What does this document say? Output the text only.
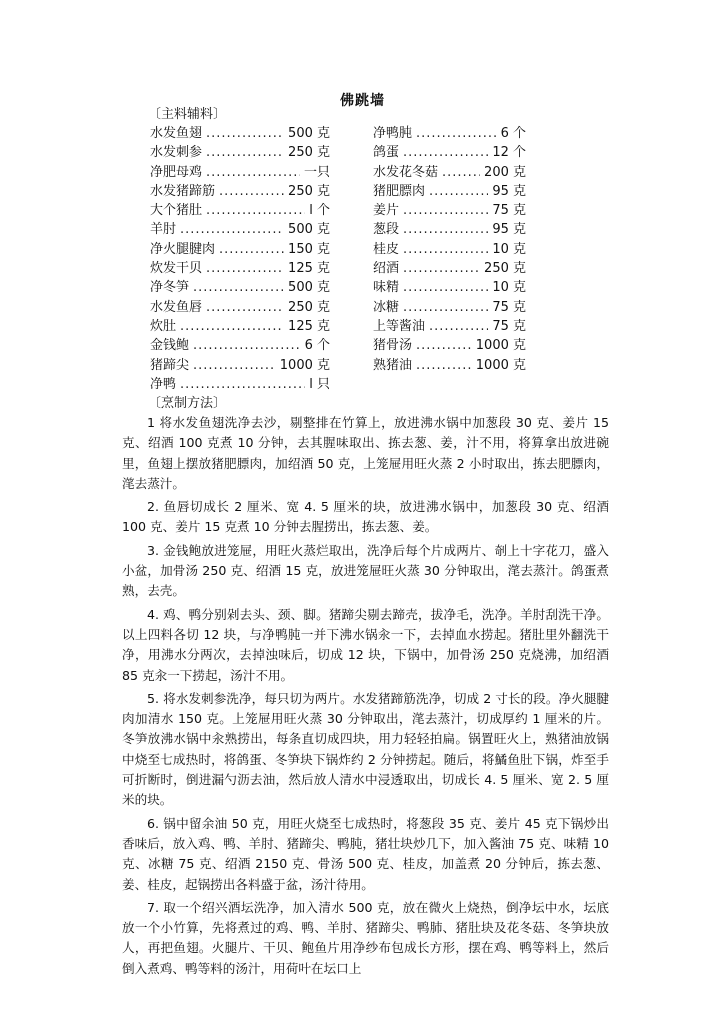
佛跳墙
〔主料辅料〕
水发鱼翅 .....	500 克
水发刺参 .....	250 克
净肥母鸡 .....	一只
水发猪蹄筋 .....	250 克
大个猪肚 .....	l 个
羊肘 .....	500 克
净火腿腱肉 .....	150 克
炊发干贝 .....	125 克
净冬笋 .....	500 克
水发鱼唇 .....	250 克
炊肚 .....	125 克
金钱鲍 .....	6 个
猪蹄尖 .....	1000 克
净鸭 .....	l 只
净鸭肫 .....	6 个
鸽蛋 .....	12 个
水发花冬菇 .....	200 克
猪肥膘肉 .....	95 克
姜片 .....	75 克
葱段 .....	95 克
桂皮 .....	10 克
绍酒 .....	250 克
味精 .....	10 克
冰糖 .....	75 克
上等酱油 .....	75 克
猪骨汤 .....	1000 克
熟猪油 .....	1000 克
〔烹制方法〕

1 将水发鱼翅洗净去沙，剔整排在竹算上，放进沸水锅中加葱段 30 克、姜片 15 克、绍酒 100 克煮 10 分钟，去其腥味取出、拣去葱、姜，汁不用，将算拿出放进碗里，鱼翅上摆放猪肥膘肉，加绍酒 50 克，上笼屉用旺火蒸 2 小时取出，拣去肥膘肉，滗去蒸汁。

2. 鱼唇切成长 2 厘米、宽 4. 5 厘米的块，放进沸水锅中，加葱段 30 克、绍酒 100 克、姜片 15 克煮 10 分钟去腥捞出，拣去葱、姜。

3. 金钱鲍放进笼屉，用旺火蒸烂取出，洗净后每个片成两片、剞上十字花刀，盛入小盆，加骨汤 250 克、绍酒 15 克，放进笼屉旺火蒸 30 分钟取出，滗去蒸汁。鸽蛋煮熟，去壳。

4. 鸡、鸭分别剁去头、颈、脚。猪蹄尖剔去蹄壳，拔净毛，洗净。羊肘刮洗干净。以上四料各切 12 块，与净鸭肫一并下沸水锅汆一下，去掉血水捞起。猪肚里外翻洗干净，用沸水分两次，去掉浊味后，切成 12 块，下锅中，加骨汤 250 克烧沸，加绍酒 85 克汆一下捞起，汤汁不用。

5. 将水发刺参洗净，每只切为两片。水发猪蹄筋洗净，切成 2 寸长的段。净火腿腱肉加清水 150 克。上笼屉用旺火蒸 30 分钟取出，滗去蒸汁，切成厚约 1 厘米的片。冬笋放沸水锅中汆熟捞出，每条直切成四块，用力轻轻拍扁。锅置旺火上，熟猪油放锅中烧至七成热时，将鸽蛋、冬笋块下锅炸约 2 分钟捞起。随后，将鱊鱼肚下锅，炸至手可折断时，倒进漏勺沥去油，然后放人清水中浸透取出，切成长 4. 5 厘米、宽 2. 5 厘米的块。

6. 锅中留余油 50 克，用旺火烧至七成热时，将葱段 35 克、姜片 45 克下锅炒出香味后，放入鸡、鸭、羊肘、猪蹄尖、鸭肫，猪壮块炒几下，加入酱油 75 克、味精 10 克、冰糖 75 克、绍酒 2150 克、骨汤 500 克、桂皮，加盖煮 20 分钟后，拣去葱、姜、桂皮，起锅捞出各料盛于盆，汤汁待用。

7. 取一个绍兴酒坛洗净，加入清水 500 克，放在微火上烧热，倒净坛中水，坛底放一个小竹算，先将煮过的鸡、鸭、羊肘、猪蹄尖、鸭肺、猪肚块及花冬菇、冬笋块放人，再把鱼翅。火腿片、干贝、鲍鱼片用净纱布包成长方形，摆在鸡、鸭等料上，然后倒入煮鸡、鸭等料的汤汁，用荷叶在坛口上
